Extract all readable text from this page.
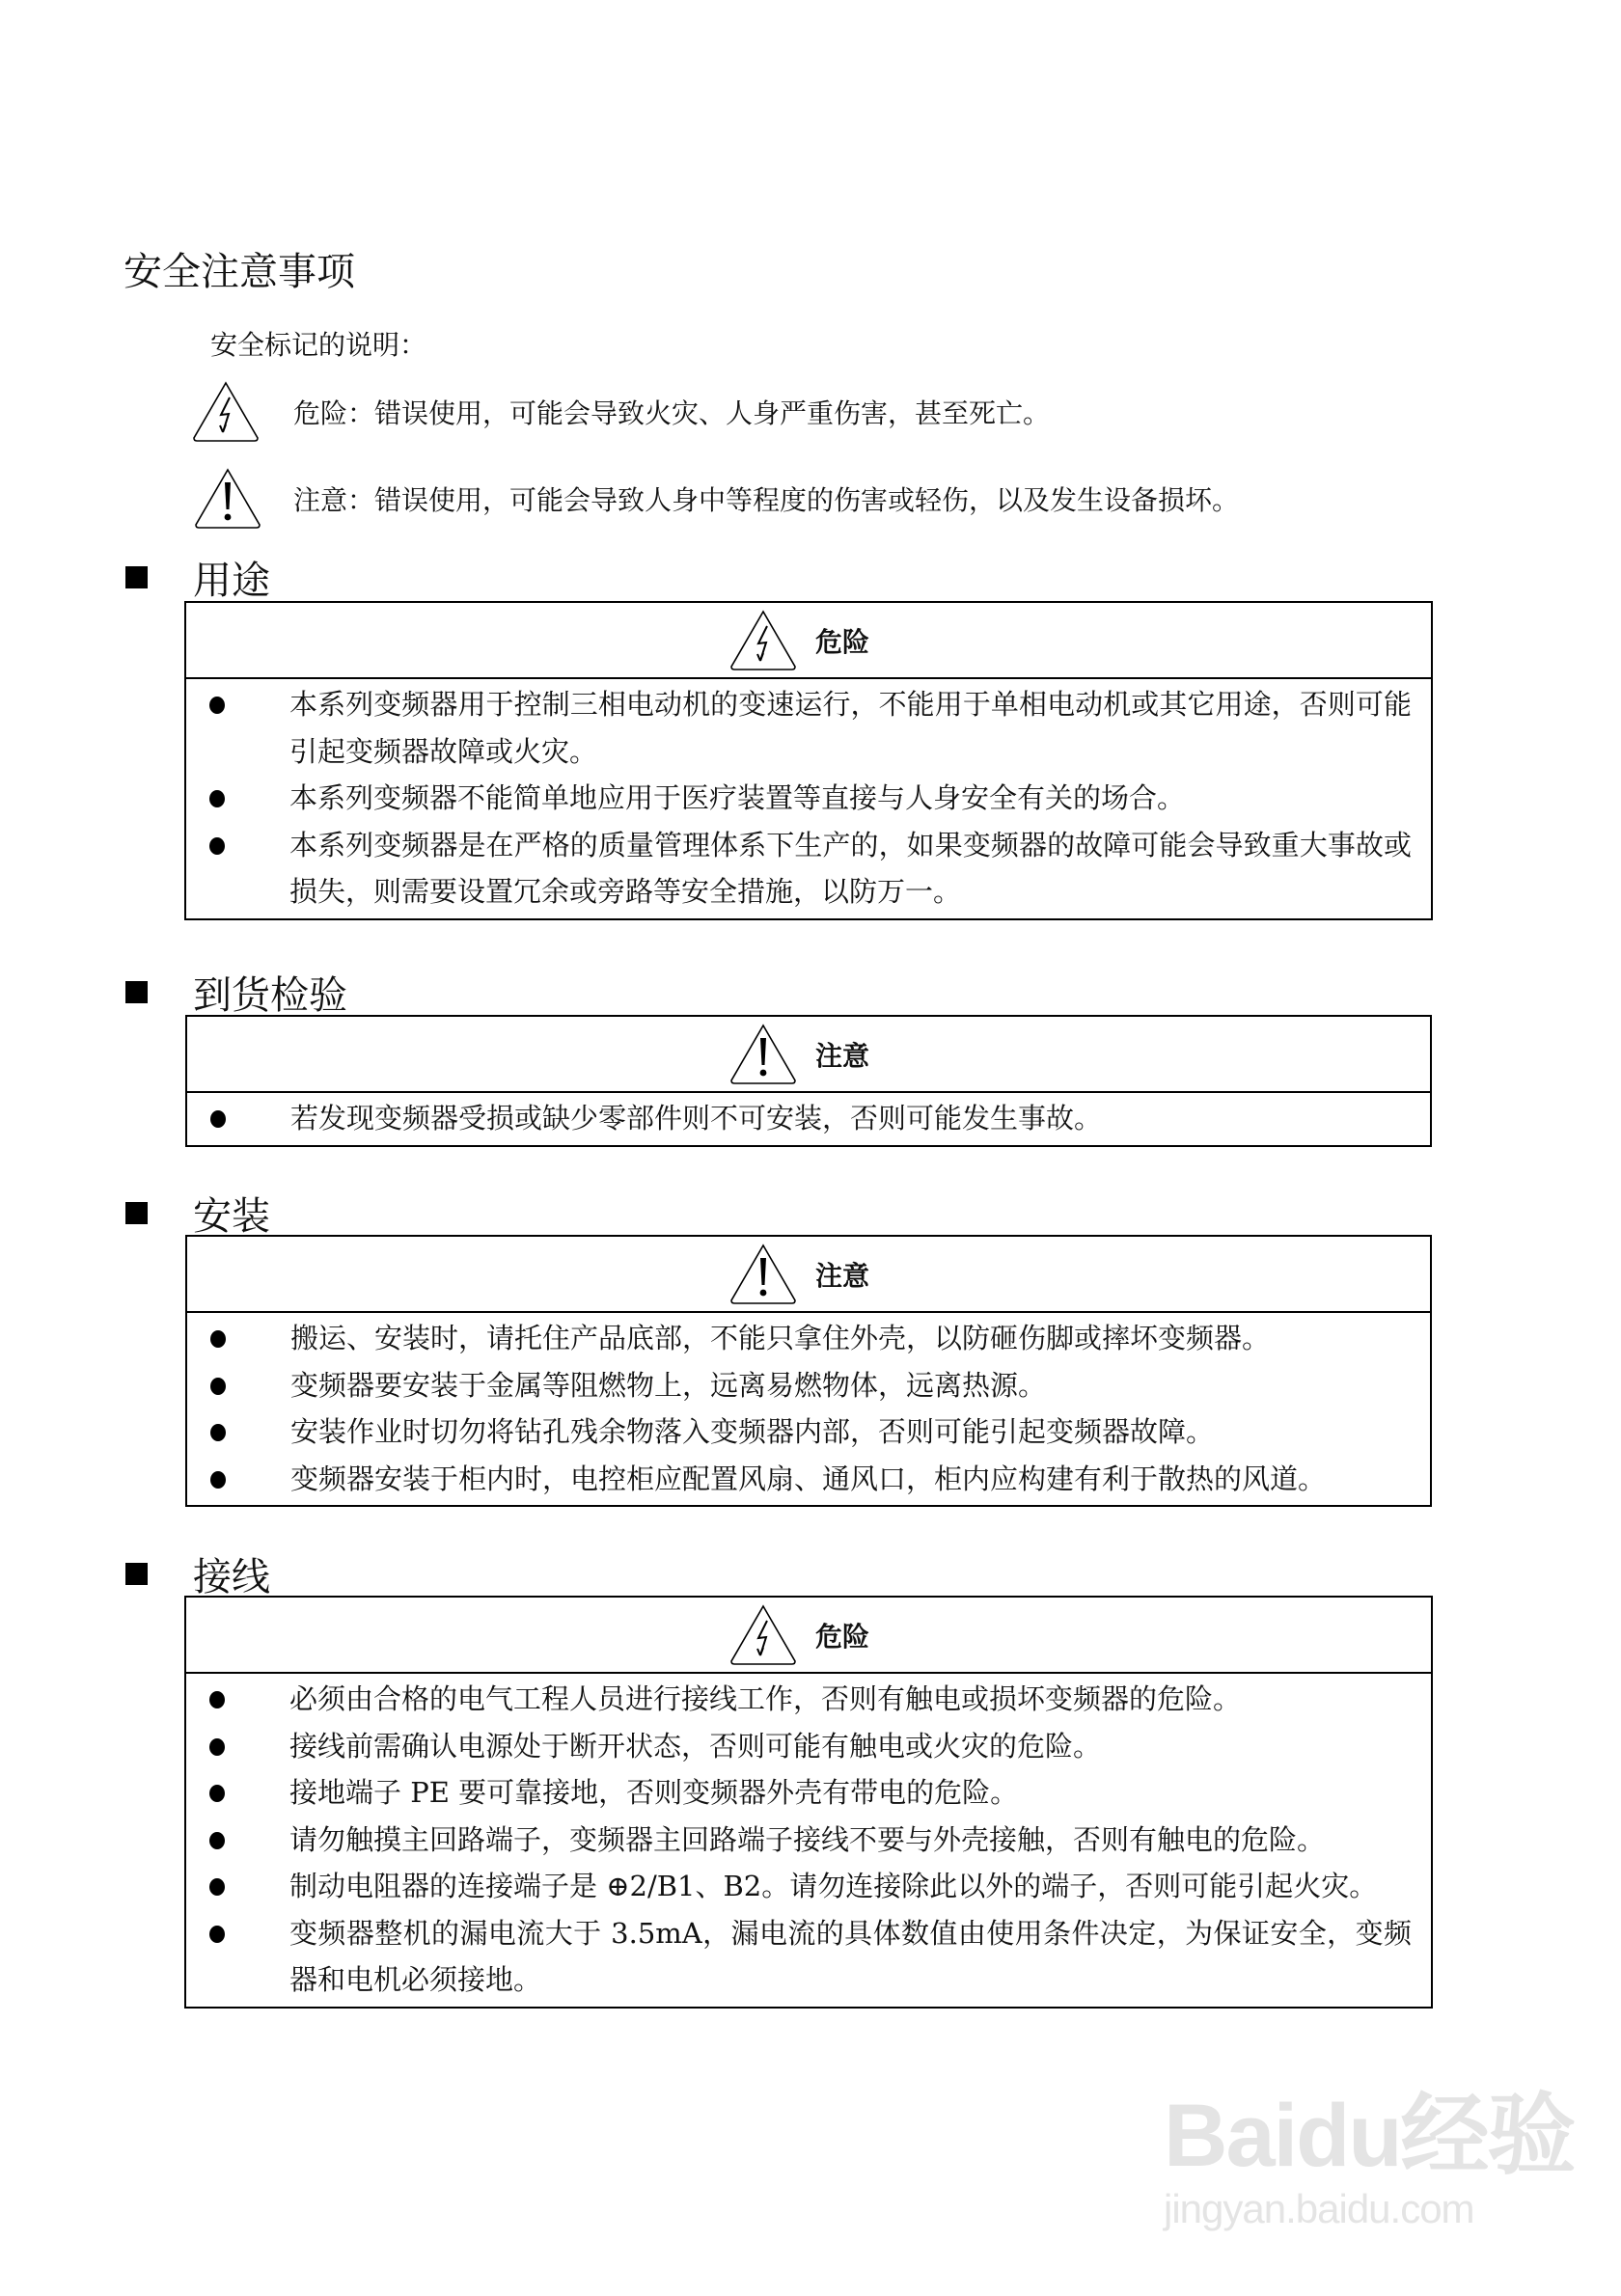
安全注意事项
安全标记的说明：
危险：错误使用，可能会导致火灾、人身严重伤害，甚至死亡。
注意：错误使用，可能会导致人身中等程度的伤害或轻伤，以及发生设备损坏。
用途
危险
本系列变频器用于控制三相电动机的变速运行，不能用于单相电动机或其它用途，否则可能引起变频器故障或火灾。
本系列变频器不能简单地应用于医疗装置等直接与人身安全有关的场合。
本系列变频器是在严格的质量管理体系下生产的，如果变频器的故障可能会导致重大事故或损失，则需要设置冗余或旁路等安全措施，以防万一。
到货检验
注意
若发现变频器受损或缺少零部件则不可安装，否则可能发生事故。
安装
注意
搬运、安装时，请托住产品底部，不能只拿住外壳，以防砸伤脚或摔坏变频器。
变频器要安装于金属等阻燃物上，远离易燃物体，远离热源。
安装作业时切勿将钻孔残余物落入变频器内部，否则可能引起变频器故障。
变频器安装于柜内时，电控柜应配置风扇、通风口，柜内应构建有利于散热的风道。
接线
危险
必须由合格的电气工程人员进行接线工作，否则有触电或损坏变频器的危险。
接线前需确认电源处于断开状态，否则可能有触电或火灾的危险。
接地端子 PE 要可靠接地，否则变频器外壳有带电的危险。
请勿触摸主回路端子，变频器主回路端子接线不要与外壳接触，否则有触电的危险。
制动电阻器的连接端子是 ⊕2/B1、B2。请勿连接除此以外的端子，否则可能引起火灾。
变频器整机的漏电流大于 3.5mA，漏电流的具体数值由使用条件决定，为保证安全，变频器和电机必须接地。
Baidu经验
jingyan.baidu.com
